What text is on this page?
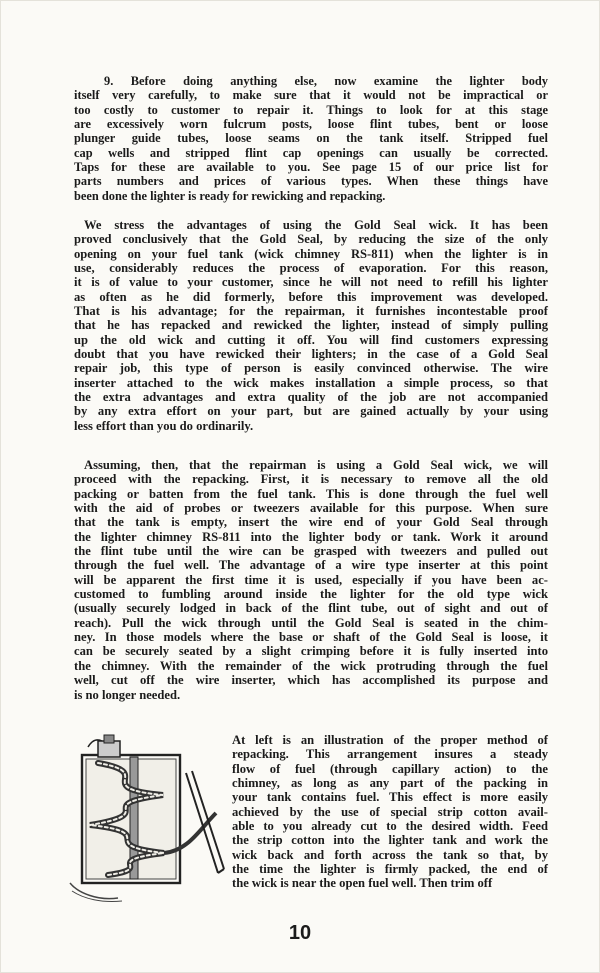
9. Before doing anything else, now examine the lighter body
itself very carefully, to make sure that it would not be impractical or
too costly to customer to repair it. Things to look for at this stage
are excessively worn fulcrum posts, loose flint tubes, bent or loose
plunger guide tubes, loose seams on the tank itself. Stripped fuel
cap wells and stripped flint cap openings can usually be corrected.
Taps for these are available to you. See page 15 of our price list for
parts numbers and prices of various types. When these things have
been done the lighter is ready for rewicking and repacking.
We stress the advantages of using the Gold Seal wick. It has been
proved conclusively that the Gold Seal, by reducing the size of the only
opening on your fuel tank (wick chimney RS-811) when the lighter is in
use, considerably reduces the process of evaporation. For this reason,
it is of value to your customer, since he will not need to refill his lighter
as often as he did formerly, before this improvement was developed.
That is his advantage; for the repairman, it furnishes incontestable proof
that he has repacked and rewicked the lighter, instead of simply pulling
up the old wick and cutting it off. You will find customers expressing
doubt that you have rewicked their lighters; in the case of a Gold Seal
repair job, this type of person is easily convinced otherwise. The wire
inserter attached to the wick makes installation a simple process, so that
the extra advantages and extra quality of the job are not accompanied
by any extra effort on your part, but are gained actually by your using
less effort than you do ordinarily.
Assuming, then, that the repairman is using a Gold Seal wick, we will
proceed with the repacking. First, it is necessary to remove all the old
packing or batten from the fuel tank. This is done through the fuel well
with the aid of probes or tweezers available for this purpose. When sure
that the tank is empty, insert the wire end of your Gold Seal through
the lighter chimney RS-811 into the lighter body or tank. Work it around
the flint tube until the wire can be grasped with tweezers and pulled out
through the fuel well. The advantage of a wire type inserter at this point
will be apparent the first time it is used, especially if you have been ac-
customed to fumbling around inside the lighter for the old type wick
(usually securely lodged in back of the flint tube, out of sight and out of
reach). Pull the wick through until the Gold Seal is seated in the chim-
ney. In those models where the base or shaft of the Gold Seal is loose, it
can be securely seated by a slight crimping before it is fully inserted into
the chimney. With the remainder of the wick protruding through the fuel
well, cut off the wire inserter, which has accomplished its purpose and
is no longer needed.
At left is an illustration of the proper method of
repacking. This arrangement insures a steady
flow of fuel (through capillary action) to the
chimney, as long as any part of the packing in
your tank contains fuel. This effect is more easily
achieved by the use of special strip cotton avail-
able to you already cut to the desired width. Feed
the strip cotton into the lighter tank and work the
wick back and forth across the tank so that, by
the time the lighter is firmly packed, the end of
the wick is near the open fuel well. Then trim off
10
